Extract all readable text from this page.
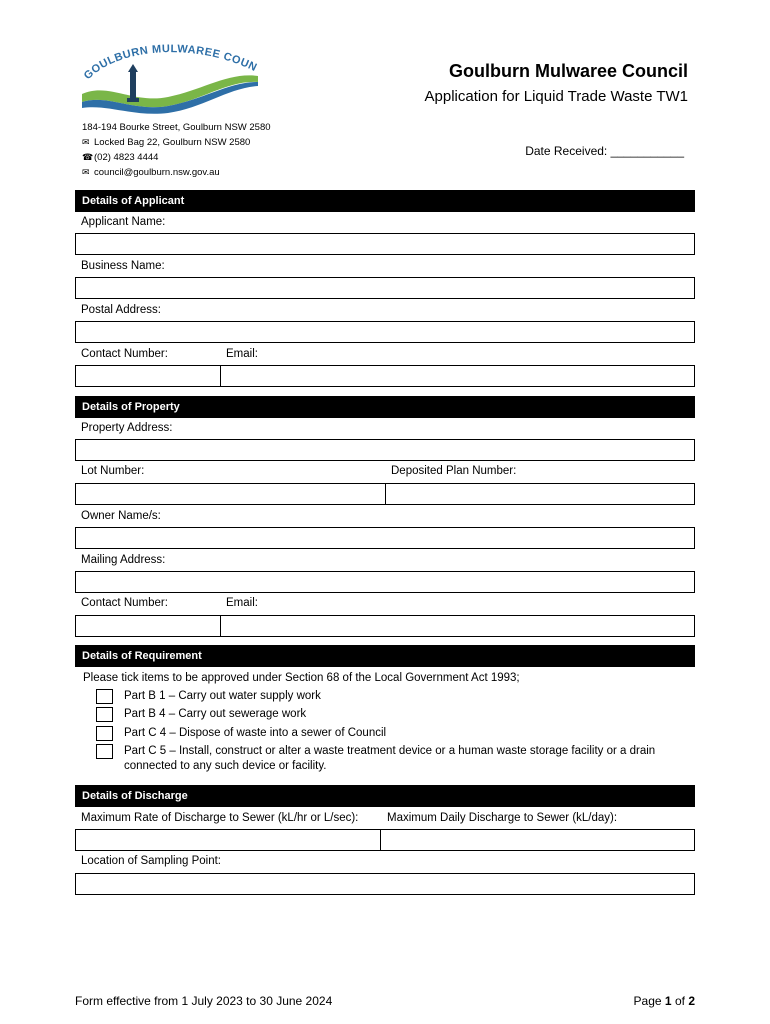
GOULBURN MULWAREE COUN	Goulburn Mulwaree Council
Application for Liquid Trade Waste TW1
184-194 Bourke Street, Goulburn NSW 2580
✉ Locked Bag 22, Goulburn NSW 2580
☎(02) 4823 4444
✉ council@goulburn.nsw.gov.au
Date Received: ___________
Details of Applicant
Applicant Name:
Business Name:
Postal Address:
Contact Number:	Email:
Details of Property
Property Address:
Lot Number:	Deposited Plan Number:
Owner Name/s:
Mailing Address:
Contact Number:	Email:
Details of Requirement
Please tick items to be approved under Section 68 of the Local Government Act 1993;
Part B 1 – Carry out water supply work
Part B 4 – Carry out sewerage work
Part C 4 – Dispose of waste into a sewer of Council
Part C 5 – Install, construct or alter a waste treatment device or a human waste storage facility or a drain
connected to any such device or facility.
Details of Discharge
Maximum Rate of Discharge to Sewer (kL/hr or L/sec): Maximum Daily Discharge to Sewer (kL/day):
Location of Sampling Point:
Form effective from 1 July 2023 to 30 June 2024	Page 1 of 2
